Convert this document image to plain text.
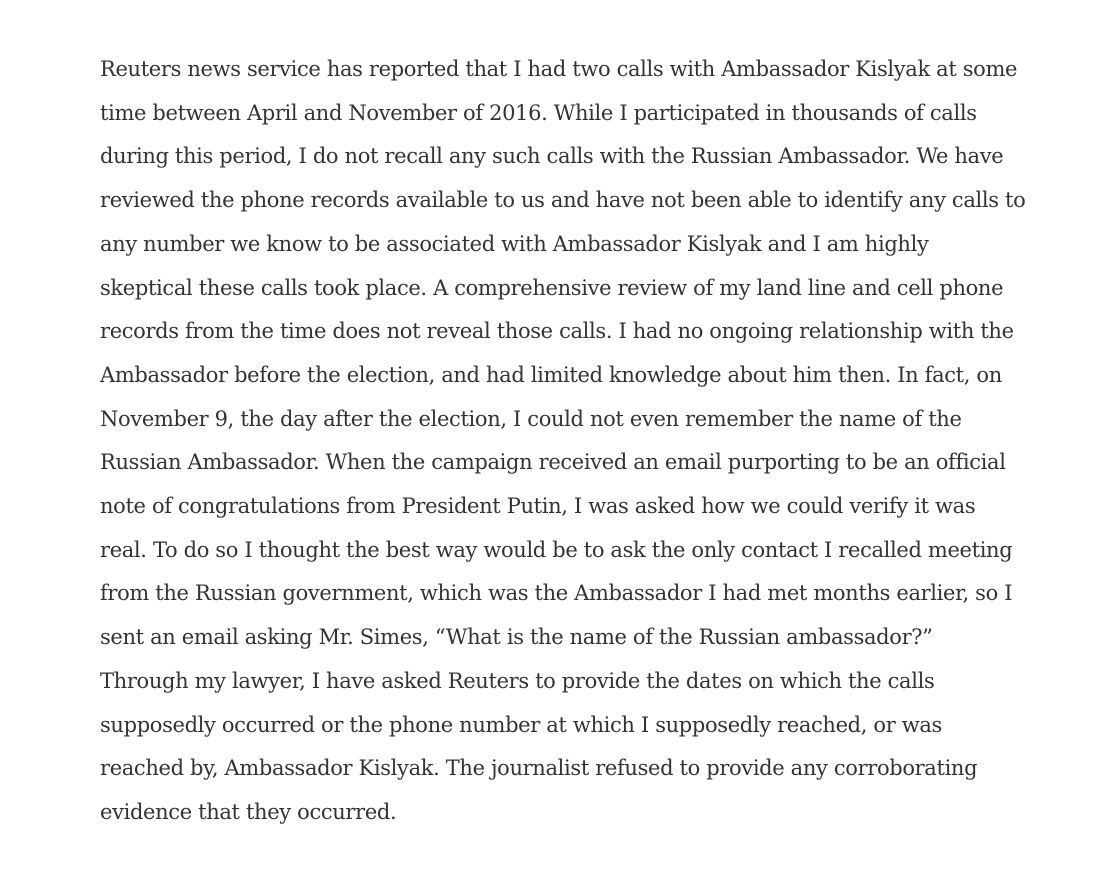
Reuters news service has reported that I had two calls with Ambassador Kislyak at some
time between April and November of 2016. While I participated in thousands of calls
during this period, I do not recall any such calls with the Russian Ambassador. We have
reviewed the phone records available to us and have not been able to identify any calls to
any number we know to be associated with Ambassador Kislyak and I am highly
skeptical these calls took place. A comprehensive review of my land line and cell phone
records from the time does not reveal those calls. I had no ongoing relationship with the
Ambassador before the election, and had limited knowledge about him then. In fact, on
November 9, the day after the election, I could not even remember the name of the
Russian Ambassador. When the campaign received an email purporting to be an official
note of congratulations from President Putin, I was asked how we could verify it was
real. To do so I thought the best way would be to ask the only contact I recalled meeting
from the Russian government, which was the Ambassador I had met months earlier, so I
sent an email asking Mr. Simes, “What is the name of the Russian ambassador?”
Through my lawyer, I have asked Reuters to provide the dates on which the calls
supposedly occurred or the phone number at which I supposedly reached, or was
reached by, Ambassador Kislyak. The journalist refused to provide any corroborating
evidence that they occurred.
